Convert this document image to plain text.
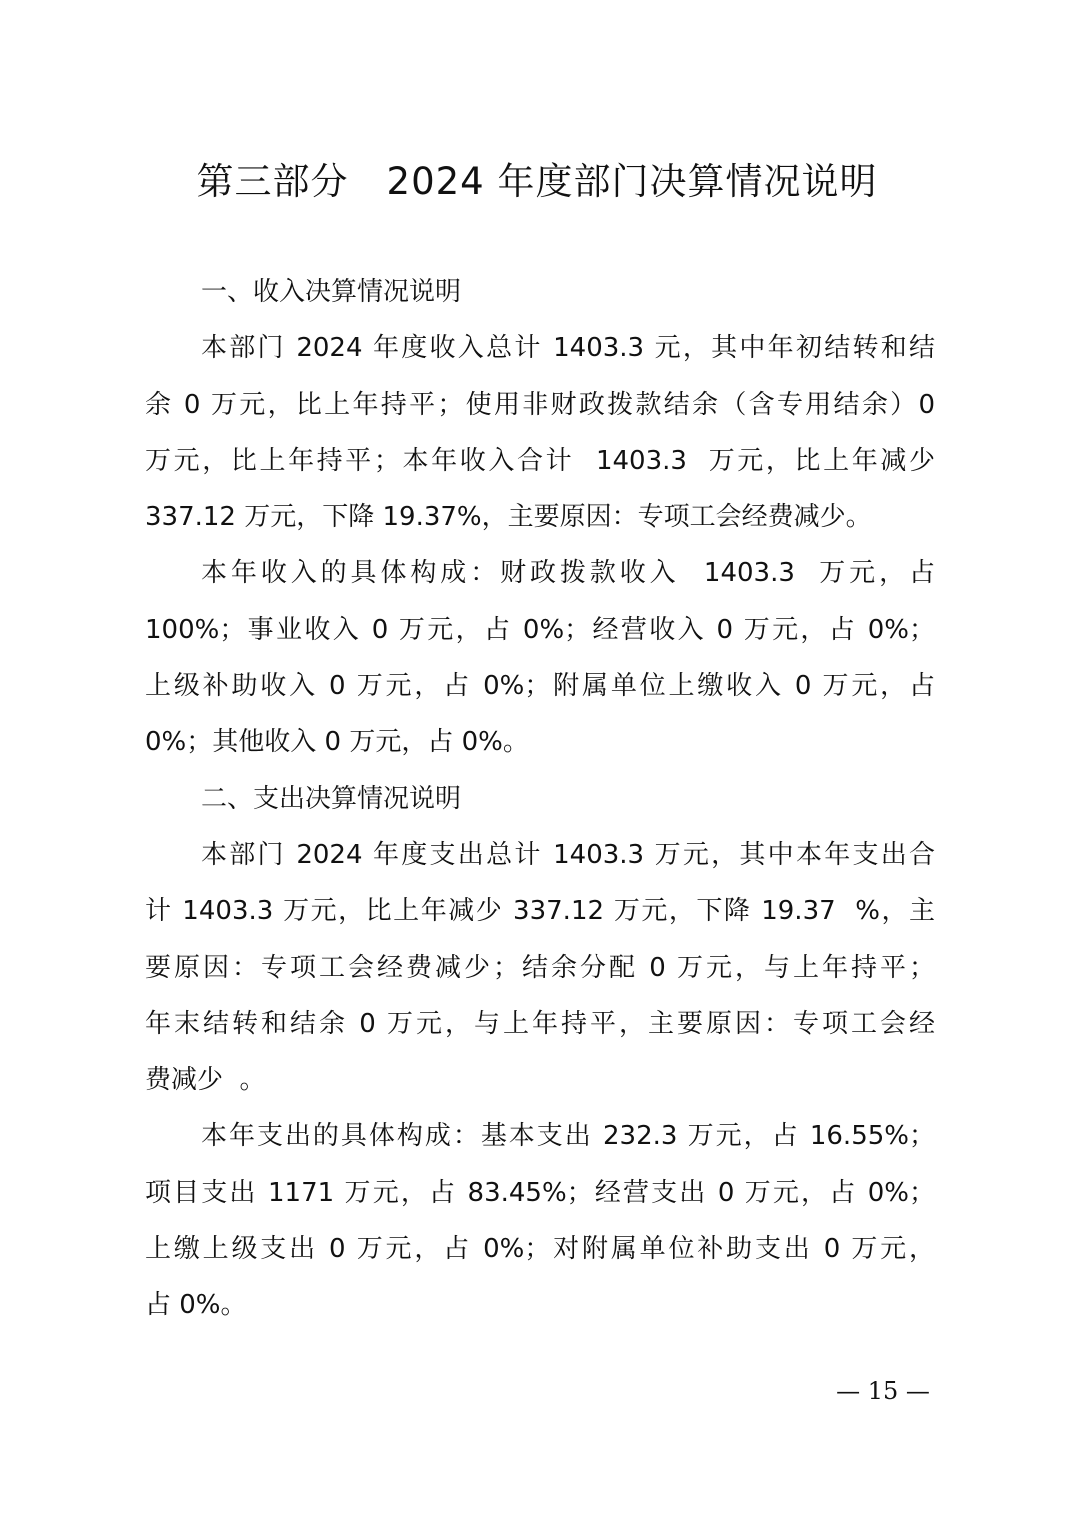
第三部分　2024 年度部门决算情况说明
一、收入决算情况说明
本部门 2024 年度收入总计 1403.3 元，其中年初结转和结
余 0 万元，比上年持平；使用非财政拨款结余（含专用结余）0
万元，比上年持平；本年收入合计  1403.3  万元，比上年减少
337.12 万元，下降 19.37%，主要原因：专项工会经费减少。
本年收入的具体构成：财政拨款收入  1403.3  万元，占
100%；事业收入 0 万元，占 0%；经营收入 0 万元，占 0%；
上级补助收入 0 万元，占 0%；附属单位上缴收入 0 万元，占
0%；其他收入 0 万元，占 0%。
二、支出决算情况说明
本部门 2024 年度支出总计 1403.3 万元，其中本年支出合
计 1403.3 万元，比上年减少 337.12 万元，下降 19.37  %，主
要原因：专项工会经费减少；结余分配 0 万元，与上年持平；
年末结转和结余 0 万元，与上年持平，主要原因：专项工会经
费减少  。
本年支出的具体构成：基本支出 232.3 万元，占 16.55%；
项目支出 1171 万元，占 83.45%；经营支出 0 万元，占 0%；
上缴上级支出 0 万元，占 0%；对附属单位补助支出 0 万元，
占 0%。
— 15 —
